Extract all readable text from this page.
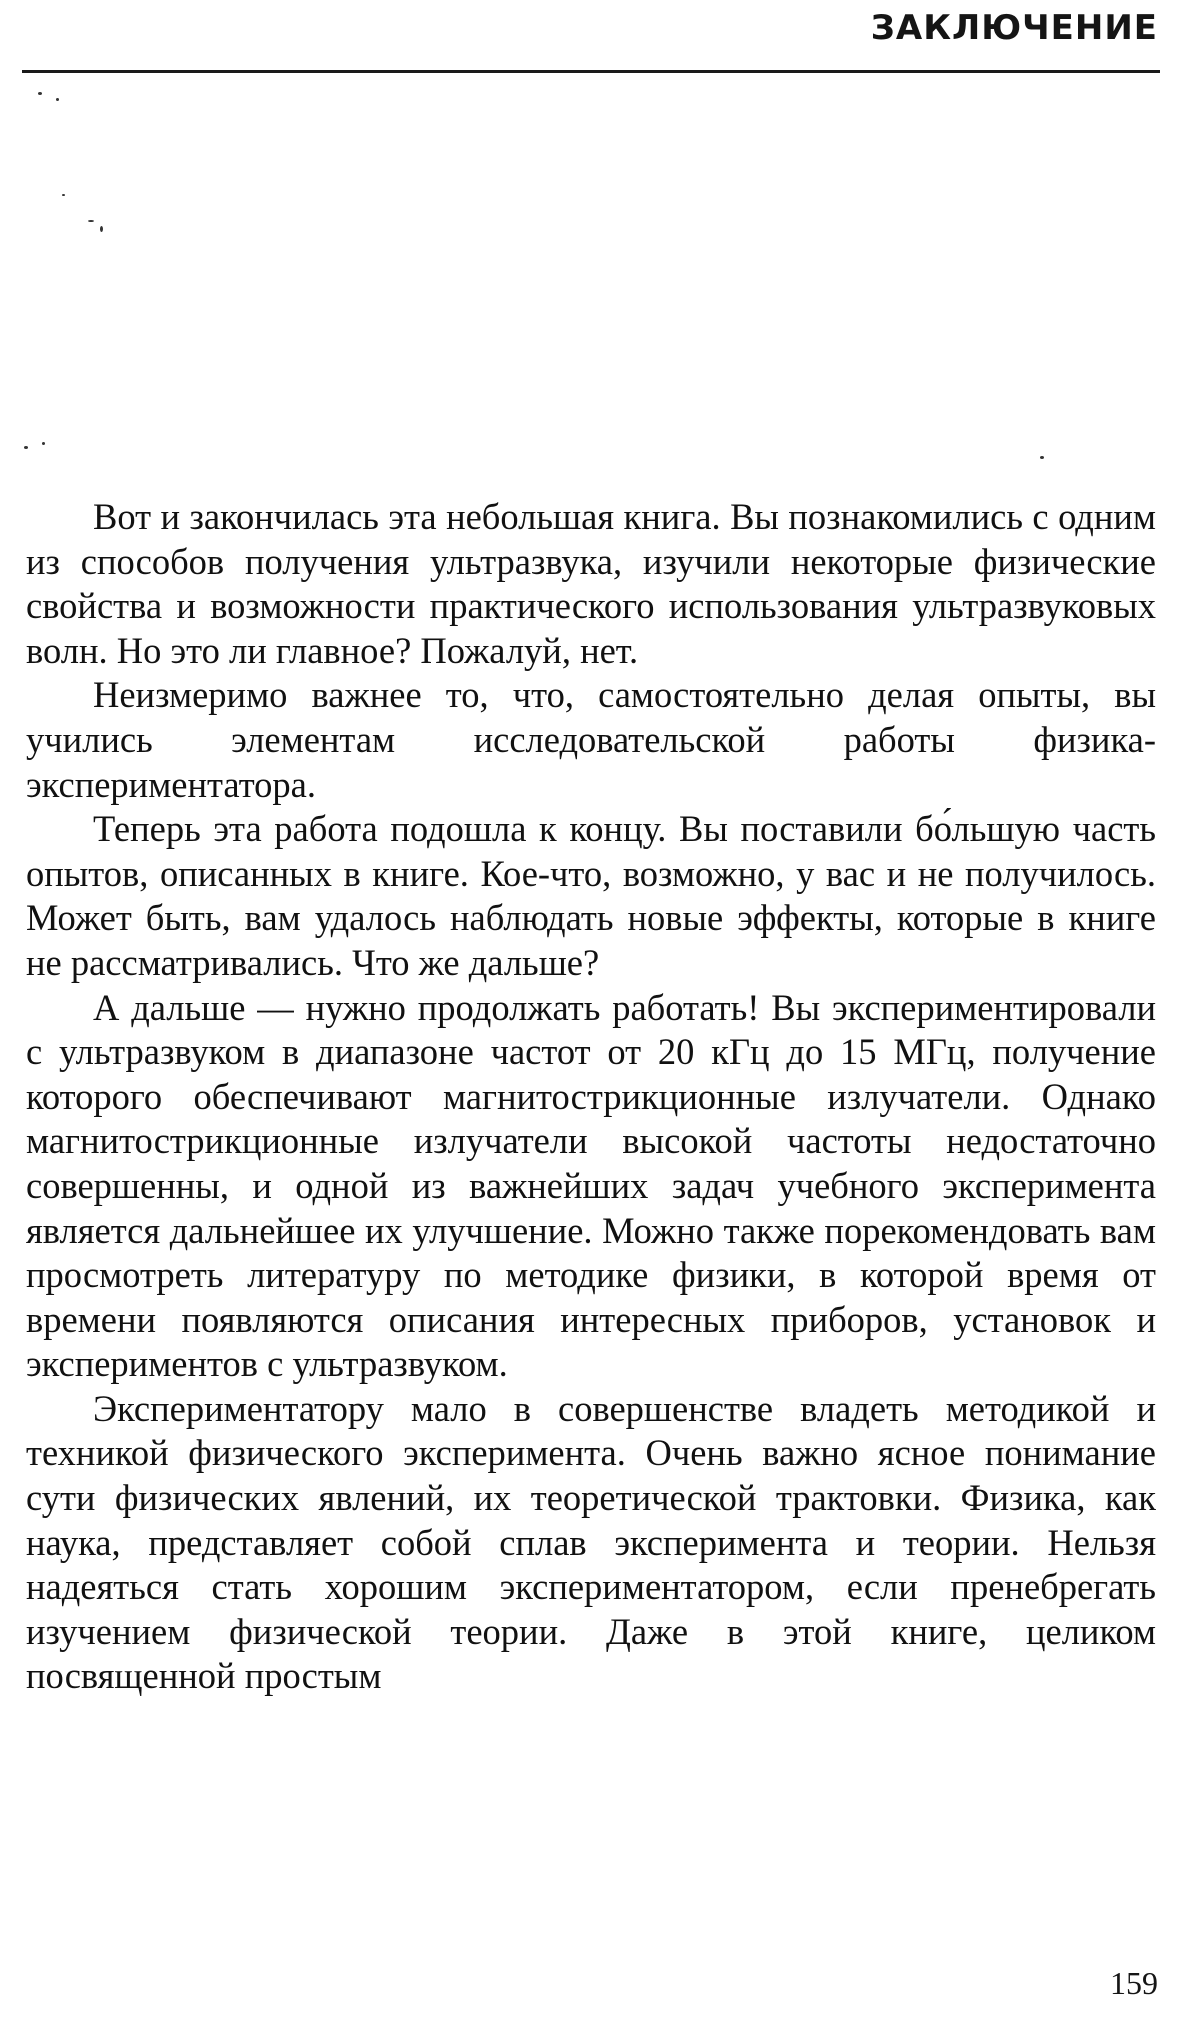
ЗАКЛЮЧЕНИЕ

Вот и закончилась эта небольшая книга. Вы познакомились с одним из способов получения ультразвука, изучили некоторые физические свойства и возможности практического использования ультразвуковых волн. Но это ли главное? Пожалуй, нет.

Неизмеримо важнее то, что, самостоятельно делая опыты, вы учились элементам исследовательской работы физика-экспериментатора.

Теперь эта работа подошла к концу. Вы поставили бо́льшую часть опытов, описанных в книге. Кое-что, возможно, у вас и не получилось. Может быть, вам удалось наблюдать новые эффекты, которые в книге не рассматривались. Что же дальше?

А дальше — нужно продолжать работать! Вы экспериментировали с ультразвуком в диапазоне частот от 20 кГц до 15 МГц, получение которого обеспечивают магнитострикционные излучатели. Однако магнитострикционные излучатели высокой частоты недостаточно совершенны, и одной из важнейших задач учебного эксперимента является дальнейшее их улучшение. Можно также порекомендовать вам просмотреть литературу по методике физики, в которой время от времени появляются описания интересных приборов, установок и экспериментов с ультразвуком.

Экспериментатору мало в совершенстве владеть методикой и техникой физического эксперимента. Очень важно ясное понимание сути физических явлений, их теоретической трактовки. Физика, как наука, представляет собой сплав эксперимента и теории. Нельзя надеяться стать хорошим экспериментатором, если пренебрегать изучением физической теории. Даже в этой книге, целиком посвященной простым

159
